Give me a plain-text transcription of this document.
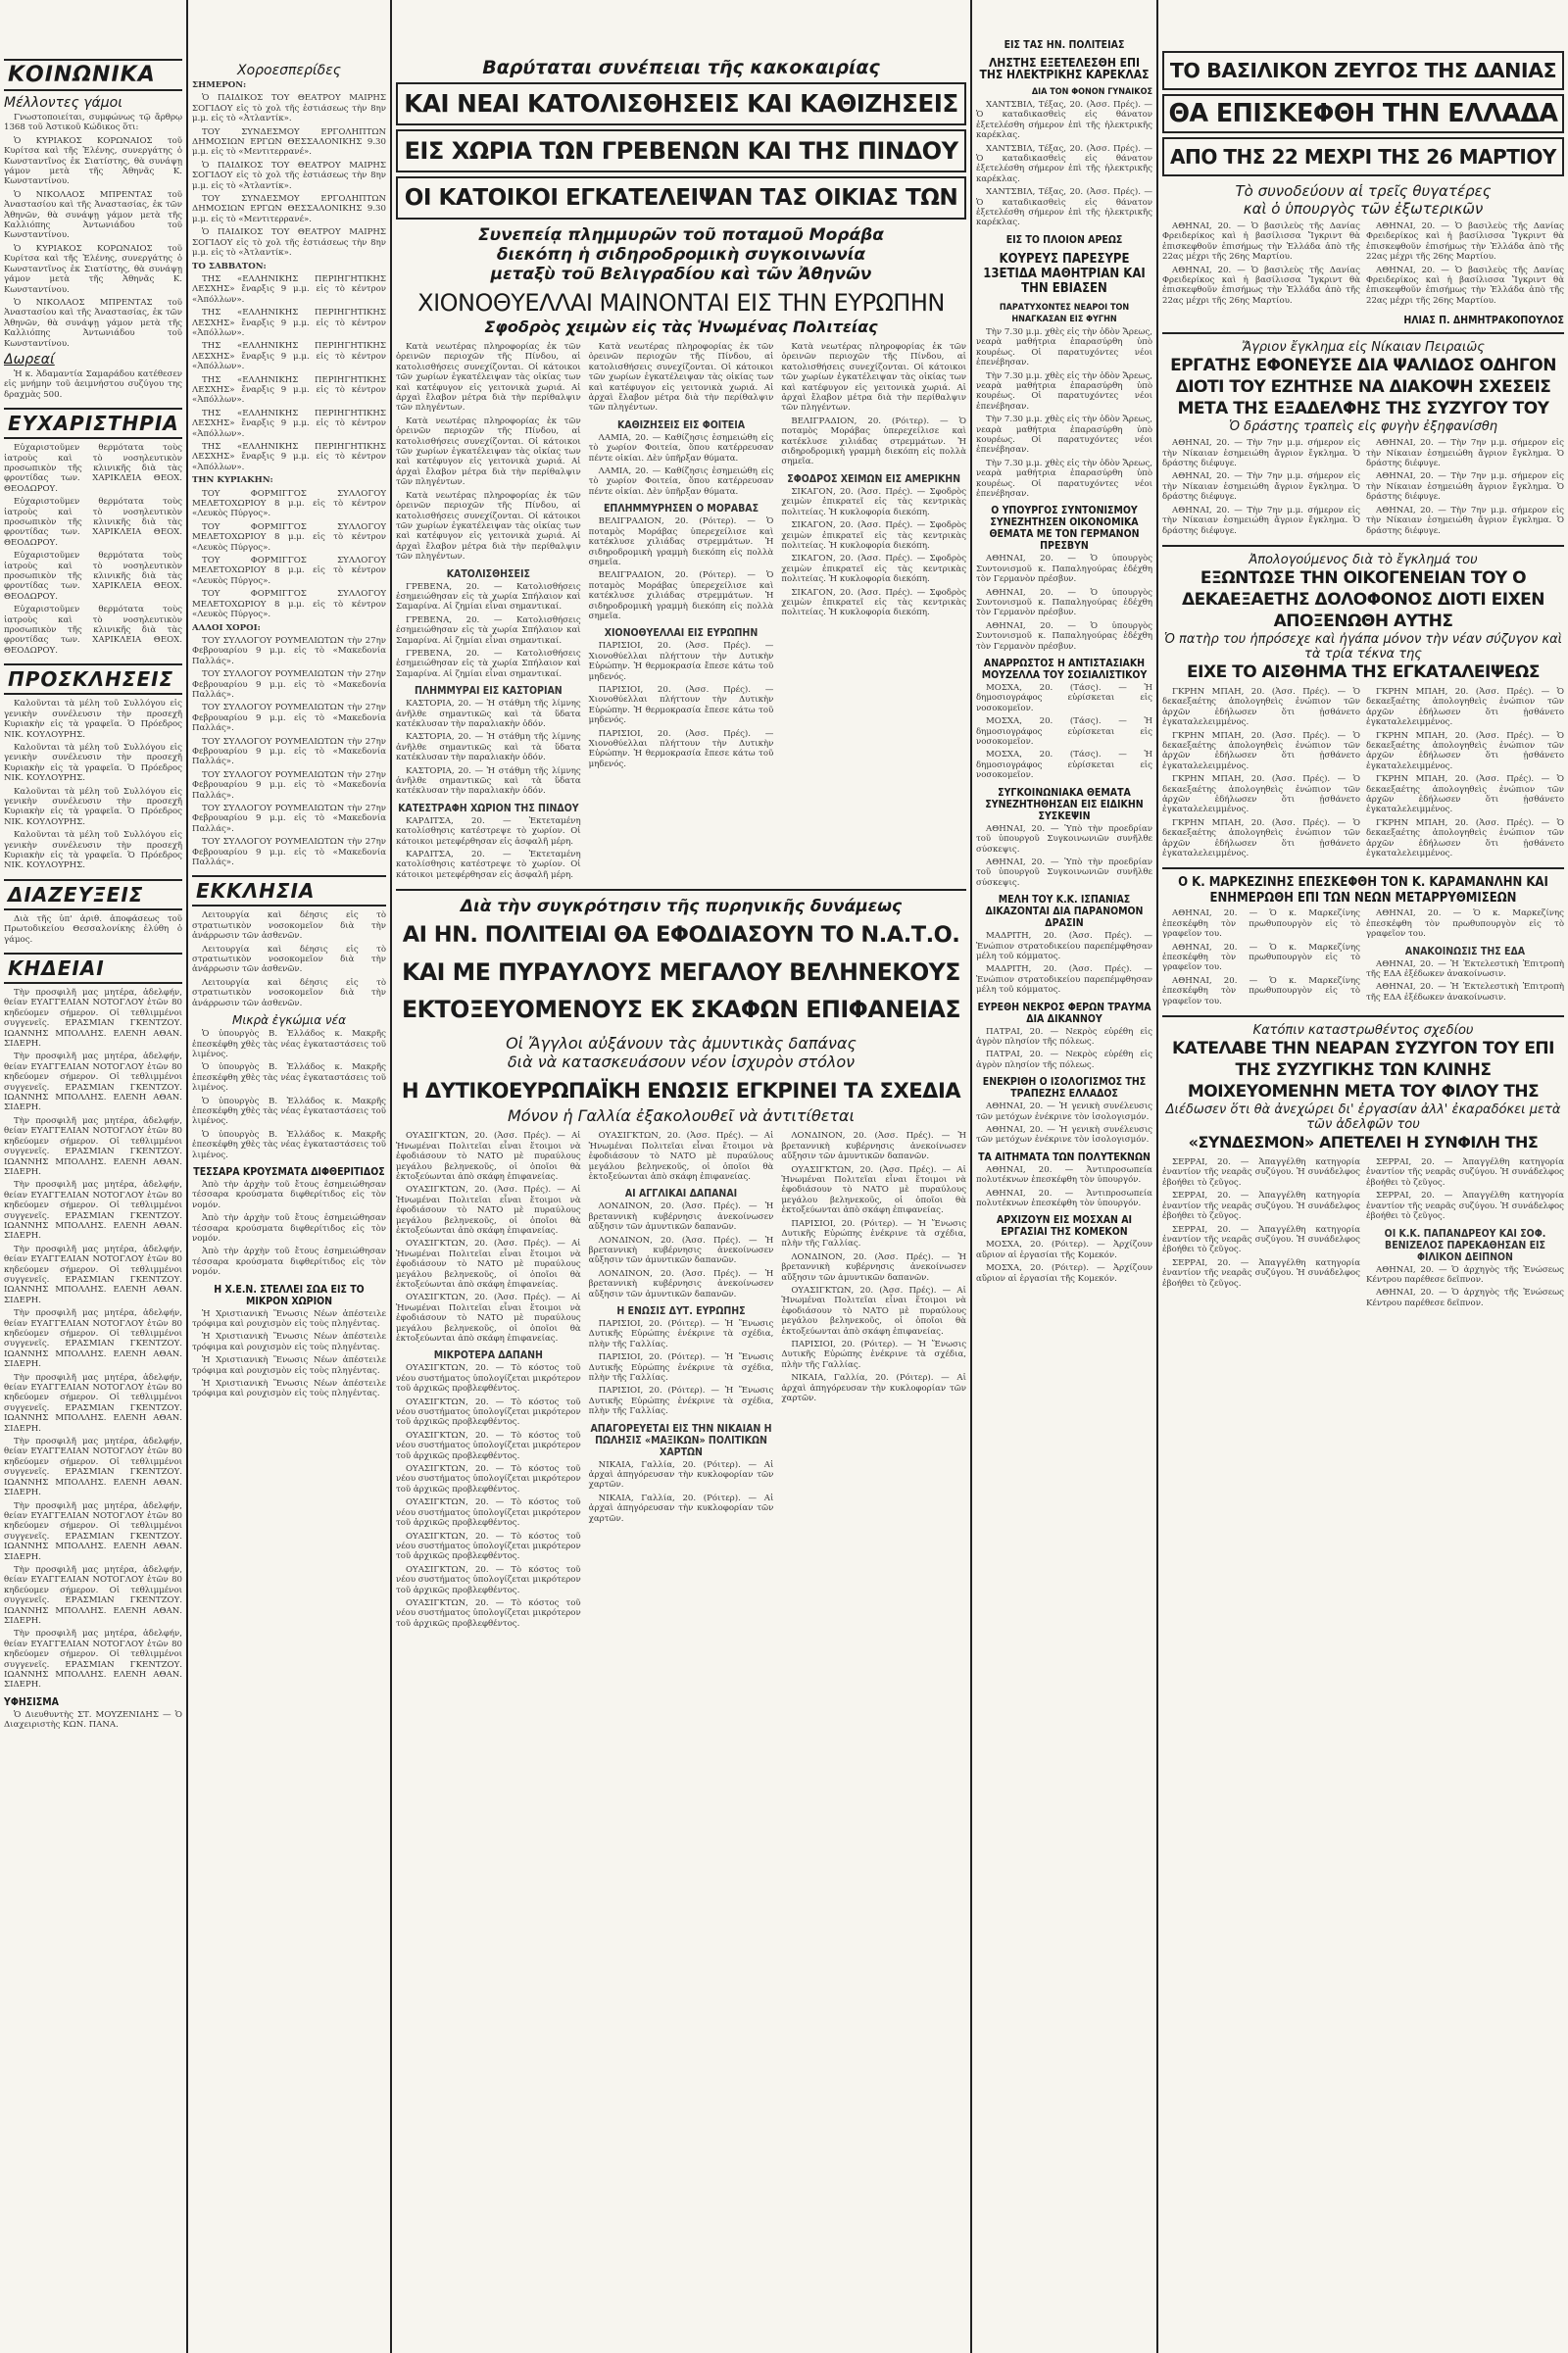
ΚΟΙΝΩΝΙΚΑ
Μέλλοντες γάμοι

Γνωστοποιείται, συμφώνως τῷ ἄρθρῳ 1368 τοῦ Ἀστικοῦ Κώδικος ὅτι:

Ὁ ΚΥΡΙΑΚΟΣ ΚΟΡΩΝΑΙΟΣ τοῦ Κυρίτσα καὶ τῆς Ἑλένης, συνεργάτης ὁ Κωνσταντῖνος ἐκ Σιατίστης, θὰ συνάψῃ γάμον μετὰ τῆς Ἀθηνᾶς Κ. Κωνσταντίνου.

Ὁ ΝΙΚΟΛΑΟΣ ΜΠΡΕΝΤΑΣ τοῦ Ἀναστασίου καὶ τῆς Ἀναστασίας, ἐκ τῶν Ἀθηνῶν, θὰ συνάψῃ γάμον μετὰ τῆς Καλλιόπης Ἀντωνιάδου τοῦ Κωνσταντίνου.

Ὁ ΚΥΡΙΑΚΟΣ ΚΟΡΩΝΑΙΟΣ τοῦ Κυρίτσα καὶ τῆς Ἑλένης, συνεργάτης ὁ Κωνσταντῖνος ἐκ Σιατίστης, θὰ συνάψῃ γάμον μετὰ τῆς Ἀθηνᾶς Κ. Κωνσταντίνου.

Ὁ ΝΙΚΟΛΑΟΣ ΜΠΡΕΝΤΑΣ τοῦ Ἀναστασίου καὶ τῆς Ἀναστασίας, ἐκ τῶν Ἀθηνῶν, θὰ συνάψῃ γάμον μετὰ τῆς Καλλιόπης Ἀντωνιάδου τοῦ Κωνσταντίνου.

Δωρεαί

Ἡ κ. Ἀδαμαντία Σαμαράδου κατέθεσεν εἰς μνήμην τοῦ ἀειμνήστου συζύγου της δραχμὰς 500.

ΕΥΧΑΡΙΣΤΗΡΙΑ

Εὐχαριστοῦμεν θερμότατα τοὺς ἰατροὺς καὶ τὸ νοσηλευτικὸν προσωπικὸν τῆς κλινικῆς διὰ τὰς φροντίδας των. ΧΑΡΙΚΛΕΙΑ ΘΕΟΧ. ΘΕΟΔΩΡΟΥ.

Εὐχαριστοῦμεν θερμότατα τοὺς ἰατροὺς καὶ τὸ νοσηλευτικὸν προσωπικὸν τῆς κλινικῆς διὰ τὰς φροντίδας των. ΧΑΡΙΚΛΕΙΑ ΘΕΟΧ. ΘΕΟΔΩΡΟΥ.

Εὐχαριστοῦμεν θερμότατα τοὺς ἰατροὺς καὶ τὸ νοσηλευτικὸν προσωπικὸν τῆς κλινικῆς διὰ τὰς φροντίδας των. ΧΑΡΙΚΛΕΙΑ ΘΕΟΧ. ΘΕΟΔΩΡΟΥ.

Εὐχαριστοῦμεν θερμότατα τοὺς ἰατροὺς καὶ τὸ νοσηλευτικὸν προσωπικὸν τῆς κλινικῆς διὰ τὰς φροντίδας των. ΧΑΡΙΚΛΕΙΑ ΘΕΟΧ. ΘΕΟΔΩΡΟΥ.

ΠΡΟΣΚΛΗΣΕΙΣ

Καλοῦνται τὰ μέλη τοῦ Συλλόγου εἰς γενικὴν συνέλευσιν τὴν προσεχῆ Κυριακὴν εἰς τὰ γραφεῖα. Ὁ Πρόεδρος ΝΙΚ. ΚΟΥΛΟΥΡΗΣ.

Καλοῦνται τὰ μέλη τοῦ Συλλόγου εἰς γενικὴν συνέλευσιν τὴν προσεχῆ Κυριακὴν εἰς τὰ γραφεῖα. Ὁ Πρόεδρος ΝΙΚ. ΚΟΥΛΟΥΡΗΣ.

Καλοῦνται τὰ μέλη τοῦ Συλλόγου εἰς γενικὴν συνέλευσιν τὴν προσεχῆ Κυριακὴν εἰς τὰ γραφεῖα. Ὁ Πρόεδρος ΝΙΚ. ΚΟΥΛΟΥΡΗΣ.

Καλοῦνται τὰ μέλη τοῦ Συλλόγου εἰς γενικὴν συνέλευσιν τὴν προσεχῆ Κυριακὴν εἰς τὰ γραφεῖα. Ὁ Πρόεδρος ΝΙΚ. ΚΟΥΛΟΥΡΗΣ.

ΔΙΑΖΕΥΞΕΙΣ

Διὰ τῆς ὑπ' ἀριθ. ἀποφάσεως τοῦ Πρωτοδικείου Θεσσαλονίκης ἐλύθη ὁ γάμος.

ΚΗΔΕΙΑΙ

Τὴν προσφιλῆ μας μητέρα, ἀδελφήν, θείαν ΕΥΑΓΓΕΛΙΑΝ ΝΟΤΟΓΛΟΥ ἐτῶν 80 κηδεύομεν σήμερον. Οἱ τεθλιμμένοι συγγενεῖς. ΕΡΑΣΜΙΑΝ ΓΚΕΝΤΖΟΥ. ΙΩΑΝΝΗΣ ΜΠΟΛΛΗΣ. ΕΛΕΝΗ ΑΘΑΝ. ΣΙΔΕΡΗ.

Τὴν προσφιλῆ μας μητέρα, ἀδελφήν, θείαν ΕΥΑΓΓΕΛΙΑΝ ΝΟΤΟΓΛΟΥ ἐτῶν 80 κηδεύομεν σήμερον. Οἱ τεθλιμμένοι συγγενεῖς. ΕΡΑΣΜΙΑΝ ΓΚΕΝΤΖΟΥ. ΙΩΑΝΝΗΣ ΜΠΟΛΛΗΣ. ΕΛΕΝΗ ΑΘΑΝ. ΣΙΔΕΡΗ.

Τὴν προσφιλῆ μας μητέρα, ἀδελφήν, θείαν ΕΥΑΓΓΕΛΙΑΝ ΝΟΤΟΓΛΟΥ ἐτῶν 80 κηδεύομεν σήμερον. Οἱ τεθλιμμένοι συγγενεῖς. ΕΡΑΣΜΙΑΝ ΓΚΕΝΤΖΟΥ. ΙΩΑΝΝΗΣ ΜΠΟΛΛΗΣ. ΕΛΕΝΗ ΑΘΑΝ. ΣΙΔΕΡΗ.

Τὴν προσφιλῆ μας μητέρα, ἀδελφήν, θείαν ΕΥΑΓΓΕΛΙΑΝ ΝΟΤΟΓΛΟΥ ἐτῶν 80 κηδεύομεν σήμερον. Οἱ τεθλιμμένοι συγγενεῖς. ΕΡΑΣΜΙΑΝ ΓΚΕΝΤΖΟΥ. ΙΩΑΝΝΗΣ ΜΠΟΛΛΗΣ. ΕΛΕΝΗ ΑΘΑΝ. ΣΙΔΕΡΗ.

Τὴν προσφιλῆ μας μητέρα, ἀδελφήν, θείαν ΕΥΑΓΓΕΛΙΑΝ ΝΟΤΟΓΛΟΥ ἐτῶν 80 κηδεύομεν σήμερον. Οἱ τεθλιμμένοι συγγενεῖς. ΕΡΑΣΜΙΑΝ ΓΚΕΝΤΖΟΥ. ΙΩΑΝΝΗΣ ΜΠΟΛΛΗΣ. ΕΛΕΝΗ ΑΘΑΝ. ΣΙΔΕΡΗ.

Τὴν προσφιλῆ μας μητέρα, ἀδελφήν, θείαν ΕΥΑΓΓΕΛΙΑΝ ΝΟΤΟΓΛΟΥ ἐτῶν 80 κηδεύομεν σήμερον. Οἱ τεθλιμμένοι συγγενεῖς. ΕΡΑΣΜΙΑΝ ΓΚΕΝΤΖΟΥ. ΙΩΑΝΝΗΣ ΜΠΟΛΛΗΣ. ΕΛΕΝΗ ΑΘΑΝ. ΣΙΔΕΡΗ.

Τὴν προσφιλῆ μας μητέρα, ἀδελφήν, θείαν ΕΥΑΓΓΕΛΙΑΝ ΝΟΤΟΓΛΟΥ ἐτῶν 80 κηδεύομεν σήμερον. Οἱ τεθλιμμένοι συγγενεῖς. ΕΡΑΣΜΙΑΝ ΓΚΕΝΤΖΟΥ. ΙΩΑΝΝΗΣ ΜΠΟΛΛΗΣ. ΕΛΕΝΗ ΑΘΑΝ. ΣΙΔΕΡΗ.

Τὴν προσφιλῆ μας μητέρα, ἀδελφήν, θείαν ΕΥΑΓΓΕΛΙΑΝ ΝΟΤΟΓΛΟΥ ἐτῶν 80 κηδεύομεν σήμερον. Οἱ τεθλιμμένοι συγγενεῖς. ΕΡΑΣΜΙΑΝ ΓΚΕΝΤΖΟΥ. ΙΩΑΝΝΗΣ ΜΠΟΛΛΗΣ. ΕΛΕΝΗ ΑΘΑΝ. ΣΙΔΕΡΗ.

Τὴν προσφιλῆ μας μητέρα, ἀδελφήν, θείαν ΕΥΑΓΓΕΛΙΑΝ ΝΟΤΟΓΛΟΥ ἐτῶν 80 κηδεύομεν σήμερον. Οἱ τεθλιμμένοι συγγενεῖς. ΕΡΑΣΜΙΑΝ ΓΚΕΝΤΖΟΥ. ΙΩΑΝΝΗΣ ΜΠΟΛΛΗΣ. ΕΛΕΝΗ ΑΘΑΝ. ΣΙΔΕΡΗ.

Τὴν προσφιλῆ μας μητέρα, ἀδελφήν, θείαν ΕΥΑΓΓΕΛΙΑΝ ΝΟΤΟΓΛΟΥ ἐτῶν 80 κηδεύομεν σήμερον. Οἱ τεθλιμμένοι συγγενεῖς. ΕΡΑΣΜΙΑΝ ΓΚΕΝΤΖΟΥ. ΙΩΑΝΝΗΣ ΜΠΟΛΛΗΣ. ΕΛΕΝΗ ΑΘΑΝ. ΣΙΔΕΡΗ.

Τὴν προσφιλῆ μας μητέρα, ἀδελφήν, θείαν ΕΥΑΓΓΕΛΙΑΝ ΝΟΤΟΓΛΟΥ ἐτῶν 80 κηδεύομεν σήμερον. Οἱ τεθλιμμένοι συγγενεῖς. ΕΡΑΣΜΙΑΝ ΓΚΕΝΤΖΟΥ. ΙΩΑΝΝΗΣ ΜΠΟΛΛΗΣ. ΕΛΕΝΗ ΑΘΑΝ. ΣΙΔΕΡΗ.

ΥΦΗΣΙΣΜΑ

Ὁ Διευθυντὴς ΣΤ. ΜΟΥΖΕΝΙΔΗΣ — Ὁ Διαχειριστὴς ΚΩΝ. ΠΑΝΑ.

Χοροεσπερίδες

ΣΗΜΕΡΟΝ:

Ὁ ΠΑΙΔΙΚΟΣ ΤΟΥ ΘΕΑΤΡΟΥ ΜΑΙΡΗΣ ΣΟΓΙΔΟΥ εἰς τὸ χολ τῆς ἑστιάσεως τὴν 8ην μ.μ. εἰς τὸ «Ἀτλαντίκ».

ΤΟΥ ΣΥΝΔΕΣΜΟΥ ΕΡΓΟΛΗΠΤΩΝ ΔΗΜΟΣΙΩΝ ΕΡΓΩΝ ΘΕΣΣΑΛΟΝΙΚΗΣ 9.30 μ.μ. εἰς τὸ «Μεντιτερρανέ».

Ὁ ΠΑΙΔΙΚΟΣ ΤΟΥ ΘΕΑΤΡΟΥ ΜΑΙΡΗΣ ΣΟΓΙΔΟΥ εἰς τὸ χολ τῆς ἑστιάσεως τὴν 8ην μ.μ. εἰς τὸ «Ἀτλαντίκ».

ΤΟΥ ΣΥΝΔΕΣΜΟΥ ΕΡΓΟΛΗΠΤΩΝ ΔΗΜΟΣΙΩΝ ΕΡΓΩΝ ΘΕΣΣΑΛΟΝΙΚΗΣ 9.30 μ.μ. εἰς τὸ «Μεντιτερρανέ».

Ὁ ΠΑΙΔΙΚΟΣ ΤΟΥ ΘΕΑΤΡΟΥ ΜΑΙΡΗΣ ΣΟΓΙΔΟΥ εἰς τὸ χολ τῆς ἑστιάσεως τὴν 8ην μ.μ. εἰς τὸ «Ἀτλαντίκ».

ΤΟ ΣΑΒΒΑΤΟΝ:

ΤΗΣ «ΕΛΛΗΝΙΚΗΣ ΠΕΡΙΗΓΗΤΙΚΗΣ ΛΕΣΧΗΣ» ἔναρξις 9 μ.μ. εἰς τὸ κέντρον «Ἀπόλλων».

ΤΗΣ «ΕΛΛΗΝΙΚΗΣ ΠΕΡΙΗΓΗΤΙΚΗΣ ΛΕΣΧΗΣ» ἔναρξις 9 μ.μ. εἰς τὸ κέντρον «Ἀπόλλων».

ΤΗΣ «ΕΛΛΗΝΙΚΗΣ ΠΕΡΙΗΓΗΤΙΚΗΣ ΛΕΣΧΗΣ» ἔναρξις 9 μ.μ. εἰς τὸ κέντρον «Ἀπόλλων».

ΤΗΣ «ΕΛΛΗΝΙΚΗΣ ΠΕΡΙΗΓΗΤΙΚΗΣ ΛΕΣΧΗΣ» ἔναρξις 9 μ.μ. εἰς τὸ κέντρον «Ἀπόλλων».

ΤΗΣ «ΕΛΛΗΝΙΚΗΣ ΠΕΡΙΗΓΗΤΙΚΗΣ ΛΕΣΧΗΣ» ἔναρξις 9 μ.μ. εἰς τὸ κέντρον «Ἀπόλλων».

ΤΗΣ «ΕΛΛΗΝΙΚΗΣ ΠΕΡΙΗΓΗΤΙΚΗΣ ΛΕΣΧΗΣ» ἔναρξις 9 μ.μ. εἰς τὸ κέντρον «Ἀπόλλων».

ΤΗΝ ΚΥΡΙΑΚΗΝ:

ΤΟΥ ΦΟΡΜΙΓΓΟΣ ΣΥΛΛΟΓΟΥ ΜΕΛΕΤΟΧΩΡΙΟΥ 8 μ.μ. εἰς τὸ κέντρον «Λευκὸς Πύργος».

ΤΟΥ ΦΟΡΜΙΓΓΟΣ ΣΥΛΛΟΓΟΥ ΜΕΛΕΤΟΧΩΡΙΟΥ 8 μ.μ. εἰς τὸ κέντρον «Λευκὸς Πύργος».

ΤΟΥ ΦΟΡΜΙΓΓΟΣ ΣΥΛΛΟΓΟΥ ΜΕΛΕΤΟΧΩΡΙΟΥ 8 μ.μ. εἰς τὸ κέντρον «Λευκὸς Πύργος».

ΤΟΥ ΦΟΡΜΙΓΓΟΣ ΣΥΛΛΟΓΟΥ ΜΕΛΕΤΟΧΩΡΙΟΥ 8 μ.μ. εἰς τὸ κέντρον «Λευκὸς Πύργος».

ΑΛΛΟΙ ΧΟΡΟΙ:

ΤΟΥ ΣΥΛΛΟΓΟΥ ΡΟΥΜΕΛΙΩΤΩΝ τὴν 27ην Φεβρουαρίου 9 μ.μ. εἰς τὸ «Μακεδονία Παλλάς».

ΤΟΥ ΣΥΛΛΟΓΟΥ ΡΟΥΜΕΛΙΩΤΩΝ τὴν 27ην Φεβρουαρίου 9 μ.μ. εἰς τὸ «Μακεδονία Παλλάς».

ΤΟΥ ΣΥΛΛΟΓΟΥ ΡΟΥΜΕΛΙΩΤΩΝ τὴν 27ην Φεβρουαρίου 9 μ.μ. εἰς τὸ «Μακεδονία Παλλάς».

ΤΟΥ ΣΥΛΛΟΓΟΥ ΡΟΥΜΕΛΙΩΤΩΝ τὴν 27ην Φεβρουαρίου 9 μ.μ. εἰς τὸ «Μακεδονία Παλλάς».

ΤΟΥ ΣΥΛΛΟΓΟΥ ΡΟΥΜΕΛΙΩΤΩΝ τὴν 27ην Φεβρουαρίου 9 μ.μ. εἰς τὸ «Μακεδονία Παλλάς».

ΤΟΥ ΣΥΛΛΟΓΟΥ ΡΟΥΜΕΛΙΩΤΩΝ τὴν 27ην Φεβρουαρίου 9 μ.μ. εἰς τὸ «Μακεδονία Παλλάς».

ΤΟΥ ΣΥΛΛΟΓΟΥ ΡΟΥΜΕΛΙΩΤΩΝ τὴν 27ην Φεβρουαρίου 9 μ.μ. εἰς τὸ «Μακεδονία Παλλάς».

ΕΚΚΛΗΣΙΑ

Λειτουργία καὶ δέησις εἰς τὸ στρατιωτικὸν νοσοκομεῖον διὰ τὴν ἀνάρρωσιν τῶν ἀσθενῶν.

Λειτουργία καὶ δέησις εἰς τὸ στρατιωτικὸν νοσοκομεῖον διὰ τὴν ἀνάρρωσιν τῶν ἀσθενῶν.

Λειτουργία καὶ δέησις εἰς τὸ στρατιωτικὸν νοσοκομεῖον διὰ τὴν ἀνάρρωσιν τῶν ἀσθενῶν.

Μικρὰ ἐγκώμια νέα

Ὁ ὑπουργὸς Β. Ἑλλάδος κ. Μακρῆς ἐπεσκέφθη χθὲς τὰς νέας ἐγκαταστάσεις τοῦ λιμένος.

Ὁ ὑπουργὸς Β. Ἑλλάδος κ. Μακρῆς ἐπεσκέφθη χθὲς τὰς νέας ἐγκαταστάσεις τοῦ λιμένος.

Ὁ ὑπουργὸς Β. Ἑλλάδος κ. Μακρῆς ἐπεσκέφθη χθὲς τὰς νέας ἐγκαταστάσεις τοῦ λιμένος.

Ὁ ὑπουργὸς Β. Ἑλλάδος κ. Μακρῆς ἐπεσκέφθη χθὲς τὰς νέας ἐγκαταστάσεις τοῦ λιμένος.

ΤΕΣΣΑΡΑ ΚΡΟΥΣΜΑΤΑ ΔΙΦΘΕΡΙΤΙΔΟΣ

Ἀπὸ τὴν ἀρχὴν τοῦ ἔτους ἐσημειώθησαν τέσσαρα κρούσματα διφθερίτιδος εἰς τὸν νομόν.

Ἀπὸ τὴν ἀρχὴν τοῦ ἔτους ἐσημειώθησαν τέσσαρα κρούσματα διφθερίτιδος εἰς τὸν νομόν.

Ἀπὸ τὴν ἀρχὴν τοῦ ἔτους ἐσημειώθησαν τέσσαρα κρούσματα διφθερίτιδος εἰς τὸν νομόν.

Η Χ.Ε.Ν. ΣΤΕΛΛΕΙ ΣΩΑ ΕΙΣ ΤΟ ΜΙΚΡΟΝ ΧΩΡΙΟΝ

Ἡ Χριστιανικὴ Ἕνωσις Νέων ἀπέστειλε τρόφιμα καὶ ρουχισμὸν εἰς τοὺς πληγέντας.

Ἡ Χριστιανικὴ Ἕνωσις Νέων ἀπέστειλε τρόφιμα καὶ ρουχισμὸν εἰς τοὺς πληγέντας.

Ἡ Χριστιανικὴ Ἕνωσις Νέων ἀπέστειλε τρόφιμα καὶ ρουχισμὸν εἰς τοὺς πληγέντας.

Ἡ Χριστιανικὴ Ἕνωσις Νέων ἀπέστειλε τρόφιμα καὶ ρουχισμὸν εἰς τοὺς πληγέντας.

Βαρύταται συνέπειαι τῆς κακοκαιρίας
ΚΑΙ ΝΕΑΙ ΚΑΤΟΛΙΣΘΗΣΕΙΣ ΚΑΙ ΚΑΘΙΖΗΣΕΙΣ
ΕΙΣ ΧΩΡΙΑ ΤΩΝ ΓΡΕΒΕΝΩΝ ΚΑΙ ΤΗΣ ΠΙΝΔΟΥ
ΟΙ ΚΑΤΟΙΚΟΙ ΕΓΚΑΤΕΛΕΙΨΑΝ ΤΑΣ ΟΙΚΙΑΣ ΤΩΝ
Συνεπείᾳ πλημμυρῶν τοῦ ποταμοῦ Μοράβα
διεκόπη ἡ σιδηροδρομικὴ συγκοινωνία
μεταξὺ τοῦ Βελιγραδίου καὶ τῶν Ἀθηνῶν
ΧΙΟΝΟΘΥΕΛΛΑΙ ΜΑΙΝΟΝΤΑΙ ΕΙΣ ΤΗΝ ΕΥΡΩΠΗΝ
Σφοδρὸς χειμὼν εἰς τὰς Ἡνωμένας Πολιτείας

Κατὰ νεωτέρας πληροφορίας ἐκ τῶν ὀρεινῶν περιοχῶν τῆς Πίνδου, αἱ κατολισθήσεις συνεχίζονται. Οἱ κάτοικοι τῶν χωρίων ἐγκατέλειψαν τὰς οἰκίας των καὶ κατέφυγον εἰς γειτονικὰ χωριά. Αἱ ἀρχαὶ ἔλαβον μέτρα διὰ τὴν περίθαλψιν τῶν πληγέντων.

Κατὰ νεωτέρας πληροφορίας ἐκ τῶν ὀρεινῶν περιοχῶν τῆς Πίνδου, αἱ κατολισθήσεις συνεχίζονται. Οἱ κάτοικοι τῶν χωρίων ἐγκατέλειψαν τὰς οἰκίας των καὶ κατέφυγον εἰς γειτονικὰ χωριά. Αἱ ἀρχαὶ ἔλαβον μέτρα διὰ τὴν περίθαλψιν τῶν πληγέντων.

Κατὰ νεωτέρας πληροφορίας ἐκ τῶν ὀρεινῶν περιοχῶν τῆς Πίνδου, αἱ κατολισθήσεις συνεχίζονται. Οἱ κάτοικοι τῶν χωρίων ἐγκατέλειψαν τὰς οἰκίας των καὶ κατέφυγον εἰς γειτονικὰ χωριά. Αἱ ἀρχαὶ ἔλαβον μέτρα διὰ τὴν περίθαλψιν τῶν πληγέντων.

ΚΑΤΟΛΙΣΘΗΣΕΙΣ

ΓΡΕΒΕΝΑ, 20. — Κατολισθήσεις ἐσημειώθησαν εἰς τὰ χωρία Σπήλαιον καὶ Σαμαρίνα. Αἱ ζημίαι εἶναι σημαντικαί.

ΓΡΕΒΕΝΑ, 20. — Κατολισθήσεις ἐσημειώθησαν εἰς τὰ χωρία Σπήλαιον καὶ Σαμαρίνα. Αἱ ζημίαι εἶναι σημαντικαί.

ΓΡΕΒΕΝΑ, 20. — Κατολισθήσεις ἐσημειώθησαν εἰς τὰ χωρία Σπήλαιον καὶ Σαμαρίνα. Αἱ ζημίαι εἶναι σημαντικαί.

ΠΛΗΜΜΥΡΑΙ ΕΙΣ ΚΑΣΤΟΡΙΑΝ

ΚΑΣΤΟΡΙΑ, 20. — Ἡ στάθμη τῆς λίμνης ἀνῆλθε σημαντικῶς καὶ τὰ ὕδατα κατέκλυσαν τὴν παραλιακὴν ὁδόν.

ΚΑΣΤΟΡΙΑ, 20. — Ἡ στάθμη τῆς λίμνης ἀνῆλθε σημαντικῶς καὶ τὰ ὕδατα κατέκλυσαν τὴν παραλιακὴν ὁδόν.

ΚΑΣΤΟΡΙΑ, 20. — Ἡ στάθμη τῆς λίμνης ἀνῆλθε σημαντικῶς καὶ τὰ ὕδατα κατέκλυσαν τὴν παραλιακὴν ὁδόν.

ΚΑΤΕΣΤΡΑΦΗ ΧΩΡΙΟΝ ΤΗΣ ΠΙΝΔΟΥ

ΚΑΡΔΙΤΣΑ, 20. — Ἐκτεταμένη κατολίσθησις κατέστρεψε τὸ χωρίον. Οἱ κάτοικοι μετεφέρθησαν εἰς ἀσφαλῆ μέρη.

ΚΑΡΔΙΤΣΑ, 20. — Ἐκτεταμένη κατολίσθησις κατέστρεψε τὸ χωρίον. Οἱ κάτοικοι μετεφέρθησαν εἰς ἀσφαλῆ μέρη.

Κατὰ νεωτέρας πληροφορίας ἐκ τῶν ὀρεινῶν περιοχῶν τῆς Πίνδου, αἱ κατολισθήσεις συνεχίζονται. Οἱ κάτοικοι τῶν χωρίων ἐγκατέλειψαν τὰς οἰκίας των καὶ κατέφυγον εἰς γειτονικὰ χωριά. Αἱ ἀρχαὶ ἔλαβον μέτρα διὰ τὴν περίθαλψιν τῶν πληγέντων.

ΚΑΘΙΖΗΣΕΙΣ ΕΙΣ ΦΟΙΤΕΙΑ

ΛΑΜΙΑ, 20. — Καθίζησις ἐσημειώθη εἰς τὸ χωρίον Φοιτεία, ὅπου κατέρρευσαν πέντε οἰκίαι. Δὲν ὑπῆρξαν θύματα.

ΛΑΜΙΑ, 20. — Καθίζησις ἐσημειώθη εἰς τὸ χωρίον Φοιτεία, ὅπου κατέρρευσαν πέντε οἰκίαι. Δὲν ὑπῆρξαν θύματα.

ΕΠΛΗΜΜΥΡΗΣΕΝ Ο ΜΟΡΑΒΑΣ

ΒΕΛΙΓΡΑΔΙΟΝ, 20. (Ρόιτερ). — Ὁ ποταμὸς Μοράβας ὑπερεχείλισε καὶ κατέκλυσε χιλιάδας στρεμμάτων. Ἡ σιδηροδρομικὴ γραμμὴ διεκόπη εἰς πολλὰ σημεῖα.

ΒΕΛΙΓΡΑΔΙΟΝ, 20. (Ρόιτερ). — Ὁ ποταμὸς Μοράβας ὑπερεχείλισε καὶ κατέκλυσε χιλιάδας στρεμμάτων. Ἡ σιδηροδρομικὴ γραμμὴ διεκόπη εἰς πολλὰ σημεῖα.

ΧΙΟΝΟΘΥΕΛΛΑΙ ΕΙΣ ΕΥΡΩΠΗΝ

ΠΑΡΙΣΙΟΙ, 20. (Ἀσσ. Πρές). — Χιονοθύελλαι πλήττουν τὴν Δυτικὴν Εὐρώπην. Ἡ θερμοκρασία ἔπεσε κάτω τοῦ μηδενός.

ΠΑΡΙΣΙΟΙ, 20. (Ἀσσ. Πρές). — Χιονοθύελλαι πλήττουν τὴν Δυτικὴν Εὐρώπην. Ἡ θερμοκρασία ἔπεσε κάτω τοῦ μηδενός.

ΠΑΡΙΣΙΟΙ, 20. (Ἀσσ. Πρές). — Χιονοθύελλαι πλήττουν τὴν Δυτικὴν Εὐρώπην. Ἡ θερμοκρασία ἔπεσε κάτω τοῦ μηδενός.

Κατὰ νεωτέρας πληροφορίας ἐκ τῶν ὀρεινῶν περιοχῶν τῆς Πίνδου, αἱ κατολισθήσεις συνεχίζονται. Οἱ κάτοικοι τῶν χωρίων ἐγκατέλειψαν τὰς οἰκίας των καὶ κατέφυγον εἰς γειτονικὰ χωριά. Αἱ ἀρχαὶ ἔλαβον μέτρα διὰ τὴν περίθαλψιν τῶν πληγέντων.

ΒΕΛΙΓΡΑΔΙΟΝ, 20. (Ρόιτερ). — Ὁ ποταμὸς Μοράβας ὑπερεχείλισε καὶ κατέκλυσε χιλιάδας στρεμμάτων. Ἡ σιδηροδρομικὴ γραμμὴ διεκόπη εἰς πολλὰ σημεῖα.

ΣΦΟΔΡΟΣ ΧΕΙΜΩΝ ΕΙΣ ΑΜΕΡΙΚΗΝ

ΣΙΚΑΓΟΝ, 20. (Ἀσσ. Πρές). — Σφοδρὸς χειμὼν ἐπικρατεῖ εἰς τὰς κεντρικὰς πολιτείας. Ἡ κυκλοφορία διεκόπη.

ΣΙΚΑΓΟΝ, 20. (Ἀσσ. Πρές). — Σφοδρὸς χειμὼν ἐπικρατεῖ εἰς τὰς κεντρικὰς πολιτείας. Ἡ κυκλοφορία διεκόπη.

ΣΙΚΑΓΟΝ, 20. (Ἀσσ. Πρές). — Σφοδρὸς χειμὼν ἐπικρατεῖ εἰς τὰς κεντρικὰς πολιτείας. Ἡ κυκλοφορία διεκόπη.

ΣΙΚΑΓΟΝ, 20. (Ἀσσ. Πρές). — Σφοδρὸς χειμὼν ἐπικρατεῖ εἰς τὰς κεντρικὰς πολιτείας. Ἡ κυκλοφορία διεκόπη.

Διὰ τὴν συγκρότησιν τῆς πυρηνικῆς δυνάμεως
ΑΙ ΗΝ. ΠΟΛΙΤΕΙΑΙ ΘΑ ΕΦΟΔΙΑΣΟΥΝ ΤΟ Ν.Α.Τ.Ο.
ΚΑΙ ΜΕ ΠΥΡΑΥΛΟΥΣ ΜΕΓΑΛΟΥ ΒΕΛΗΝΕΚΟΥΣ
ΕΚΤΟΞΕΥΟΜΕΝΟΥΣ ΕΚ ΣΚΑΦΩΝ ΕΠΙΦΑΝΕΙΑΣ
Οἱ Ἄγγλοι αὐξάνουν τὰς ἀμυντικὰς δαπάνας
διὰ νὰ κατασκευάσουν νέον ἰσχυρὸν στόλον
Η ΔΥΤΙΚΟΕΥΡΩΠΑΪΚΗ ΕΝΩΣΙΣ ΕΓΚΡΙΝΕΙ ΤΑ ΣΧΕΔΙΑ
Μόνον ἡ Γαλλία ἐξακολουθεῖ νὰ ἀντιτίθεται

ΟΥΑΣΙΓΚΤΩΝ, 20. (Ἀσσ. Πρές). — Αἱ Ἡνωμέναι Πολιτεῖαι εἶναι ἕτοιμοι νὰ ἐφοδιάσουν τὸ ΝΑΤΟ μὲ πυραύλους μεγάλου βεληνεκοῦς, οἱ ὁποῖοι θὰ ἐκτοξεύωνται ἀπὸ σκάφη ἐπιφανείας.

ΟΥΑΣΙΓΚΤΩΝ, 20. (Ἀσσ. Πρές). — Αἱ Ἡνωμέναι Πολιτεῖαι εἶναι ἕτοιμοι νὰ ἐφοδιάσουν τὸ ΝΑΤΟ μὲ πυραύλους μεγάλου βεληνεκοῦς, οἱ ὁποῖοι θὰ ἐκτοξεύωνται ἀπὸ σκάφη ἐπιφανείας.

ΟΥΑΣΙΓΚΤΩΝ, 20. (Ἀσσ. Πρές). — Αἱ Ἡνωμέναι Πολιτεῖαι εἶναι ἕτοιμοι νὰ ἐφοδιάσουν τὸ ΝΑΤΟ μὲ πυραύλους μεγάλου βεληνεκοῦς, οἱ ὁποῖοι θὰ ἐκτοξεύωνται ἀπὸ σκάφη ἐπιφανείας.

ΟΥΑΣΙΓΚΤΩΝ, 20. (Ἀσσ. Πρές). — Αἱ Ἡνωμέναι Πολιτεῖαι εἶναι ἕτοιμοι νὰ ἐφοδιάσουν τὸ ΝΑΤΟ μὲ πυραύλους μεγάλου βεληνεκοῦς, οἱ ὁποῖοι θὰ ἐκτοξεύωνται ἀπὸ σκάφη ἐπιφανείας.

ΜΙΚΡΟΤΕΡΑ ΔΑΠΑΝΗ

ΟΥΑΣΙΓΚΤΩΝ, 20. — Τὸ κόστος τοῦ νέου συστήματος ὑπολογίζεται μικρότερον τοῦ ἀρχικῶς προβλεφθέντος.

ΟΥΑΣΙΓΚΤΩΝ, 20. — Τὸ κόστος τοῦ νέου συστήματος ὑπολογίζεται μικρότερον τοῦ ἀρχικῶς προβλεφθέντος.

ΟΥΑΣΙΓΚΤΩΝ, 20. — Τὸ κόστος τοῦ νέου συστήματος ὑπολογίζεται μικρότερον τοῦ ἀρχικῶς προβλεφθέντος.

ΟΥΑΣΙΓΚΤΩΝ, 20. — Τὸ κόστος τοῦ νέου συστήματος ὑπολογίζεται μικρότερον τοῦ ἀρχικῶς προβλεφθέντος.

ΟΥΑΣΙΓΚΤΩΝ, 20. — Τὸ κόστος τοῦ νέου συστήματος ὑπολογίζεται μικρότερον τοῦ ἀρχικῶς προβλεφθέντος.

ΟΥΑΣΙΓΚΤΩΝ, 20. — Τὸ κόστος τοῦ νέου συστήματος ὑπολογίζεται μικρότερον τοῦ ἀρχικῶς προβλεφθέντος.

ΟΥΑΣΙΓΚΤΩΝ, 20. — Τὸ κόστος τοῦ νέου συστήματος ὑπολογίζεται μικρότερον τοῦ ἀρχικῶς προβλεφθέντος.

ΟΥΑΣΙΓΚΤΩΝ, 20. — Τὸ κόστος τοῦ νέου συστήματος ὑπολογίζεται μικρότερον τοῦ ἀρχικῶς προβλεφθέντος.

ΟΥΑΣΙΓΚΤΩΝ, 20. (Ἀσσ. Πρές). — Αἱ Ἡνωμέναι Πολιτεῖαι εἶναι ἕτοιμοι νὰ ἐφοδιάσουν τὸ ΝΑΤΟ μὲ πυραύλους μεγάλου βεληνεκοῦς, οἱ ὁποῖοι θὰ ἐκτοξεύωνται ἀπὸ σκάφη ἐπιφανείας.

ΑΙ ΑΓΓΛΙΚΑΙ ΔΑΠΑΝΑΙ

ΛΟΝΔΙΝΟΝ, 20. (Ἀσσ. Πρές). — Ἡ βρεταννικὴ κυβέρνησις ἀνεκοίνωσεν αὔξησιν τῶν ἀμυντικῶν δαπανῶν.

ΛΟΝΔΙΝΟΝ, 20. (Ἀσσ. Πρές). — Ἡ βρεταννικὴ κυβέρνησις ἀνεκοίνωσεν αὔξησιν τῶν ἀμυντικῶν δαπανῶν.

ΛΟΝΔΙΝΟΝ, 20. (Ἀσσ. Πρές). — Ἡ βρεταννικὴ κυβέρνησις ἀνεκοίνωσεν αὔξησιν τῶν ἀμυντικῶν δαπανῶν.

Η ΕΝΩΣΙΣ ΔΥΤ. ΕΥΡΩΠΗΣ

ΠΑΡΙΣΙΟΙ, 20. (Ρόιτερ). — Ἡ Ἕνωσις Δυτικῆς Εὐρώπης ἐνέκρινε τὰ σχέδια, πλὴν τῆς Γαλλίας.

ΠΑΡΙΣΙΟΙ, 20. (Ρόιτερ). — Ἡ Ἕνωσις Δυτικῆς Εὐρώπης ἐνέκρινε τὰ σχέδια, πλὴν τῆς Γαλλίας.

ΠΑΡΙΣΙΟΙ, 20. (Ρόιτερ). — Ἡ Ἕνωσις Δυτικῆς Εὐρώπης ἐνέκρινε τὰ σχέδια, πλὴν τῆς Γαλλίας.

ΑΠΑΓΟΡΕΥΕΤΑΙ ΕΙΣ ΤΗΝ ΝΙΚΑΙΑΝ Η ΠΩΛΗΣΙΣ «ΜΑΞΙΚΩΝ» ΠΟΛΙΤΙΚΩΝ ΧΑΡΤΩΝ

ΝΙΚΑΙΑ, Γαλλία, 20. (Ρόιτερ). — Αἱ ἀρχαὶ ἀπηγόρευσαν τὴν κυκλοφορίαν τῶν χαρτῶν.

ΝΙΚΑΙΑ, Γαλλία, 20. (Ρόιτερ). — Αἱ ἀρχαὶ ἀπηγόρευσαν τὴν κυκλοφορίαν τῶν χαρτῶν.

ΛΟΝΔΙΝΟΝ, 20. (Ἀσσ. Πρές). — Ἡ βρεταννικὴ κυβέρνησις ἀνεκοίνωσεν αὔξησιν τῶν ἀμυντικῶν δαπανῶν.

ΟΥΑΣΙΓΚΤΩΝ, 20. (Ἀσσ. Πρές). — Αἱ Ἡνωμέναι Πολιτεῖαι εἶναι ἕτοιμοι νὰ ἐφοδιάσουν τὸ ΝΑΤΟ μὲ πυραύλους μεγάλου βεληνεκοῦς, οἱ ὁποῖοι θὰ ἐκτοξεύωνται ἀπὸ σκάφη ἐπιφανείας.

ΠΑΡΙΣΙΟΙ, 20. (Ρόιτερ). — Ἡ Ἕνωσις Δυτικῆς Εὐρώπης ἐνέκρινε τὰ σχέδια, πλὴν τῆς Γαλλίας.

ΛΟΝΔΙΝΟΝ, 20. (Ἀσσ. Πρές). — Ἡ βρεταννικὴ κυβέρνησις ἀνεκοίνωσεν αὔξησιν τῶν ἀμυντικῶν δαπανῶν.

ΟΥΑΣΙΓΚΤΩΝ, 20. (Ἀσσ. Πρές). — Αἱ Ἡνωμέναι Πολιτεῖαι εἶναι ἕτοιμοι νὰ ἐφοδιάσουν τὸ ΝΑΤΟ μὲ πυραύλους μεγάλου βεληνεκοῦς, οἱ ὁποῖοι θὰ ἐκτοξεύωνται ἀπὸ σκάφη ἐπιφανείας.

ΠΑΡΙΣΙΟΙ, 20. (Ρόιτερ). — Ἡ Ἕνωσις Δυτικῆς Εὐρώπης ἐνέκρινε τὰ σχέδια, πλὴν τῆς Γαλλίας.

ΝΙΚΑΙΑ, Γαλλία, 20. (Ρόιτερ). — Αἱ ἀρχαὶ ἀπηγόρευσαν τὴν κυκλοφορίαν τῶν χαρτῶν.

ΕΙΣ ΤΑΣ ΗΝ. ΠΟΛΙΤΕΙΑΣ
ΛΗΣΤΗΣ ΕΞΕΤΕΛΕΣΘΗ ΕΠΙ ΤΗΣ ΗΛΕΚΤΡΙΚΗΣ ΚΑΡΕΚΛΑΣ
ΔΙΑ ΤΟΝ ΦΟΝΟΝ ΓΥΝΑΙΚΟΣ

ΧΑΝΤΣΒΙΛ, Τέξας, 20. (Ἀσσ. Πρές). — Ὁ καταδικασθεὶς εἰς θάνατον ἐξετελέσθη σήμερον ἐπὶ τῆς ἠλεκτρικῆς καρέκλας.

ΧΑΝΤΣΒΙΛ, Τέξας, 20. (Ἀσσ. Πρές). — Ὁ καταδικασθεὶς εἰς θάνατον ἐξετελέσθη σήμερον ἐπὶ τῆς ἠλεκτρικῆς καρέκλας.

ΧΑΝΤΣΒΙΛ, Τέξας, 20. (Ἀσσ. Πρές). — Ὁ καταδικασθεὶς εἰς θάνατον ἐξετελέσθη σήμερον ἐπὶ τῆς ἠλεκτρικῆς καρέκλας.

ΕΙΣ ΤΟ ΠΛΟΙΟΝ ΑΡΕΩΣ
ΚΟΥΡΕΥΣ ΠΑΡΕΣΥΡΕ 13ΕΤΙΔΑ ΜΑΘΗΤΡΙΑΝ ΚΑΙ ΤΗΝ ΕΒΙΑΣΕΝ
ΠΑΡΑΤΥΧΟΝΤΕΣ ΝΕΑΡΟΙ ΤΟΝ ΗΝΑΓΚΑΣΑΝ ΕΙΣ ΦΥΓΗΝ

Τὴν 7.30 μ.μ. χθὲς εἰς τὴν ὁδὸν Ἄρεως, νεαρὰ μαθήτρια ἐπαρασύρθη ὑπὸ κουρέως. Οἱ παρατυχόντες νέοι ἐπενέβησαν.

Τὴν 7.30 μ.μ. χθὲς εἰς τὴν ὁδὸν Ἄρεως, νεαρὰ μαθήτρια ἐπαρασύρθη ὑπὸ κουρέως. Οἱ παρατυχόντες νέοι ἐπενέβησαν.

Τὴν 7.30 μ.μ. χθὲς εἰς τὴν ὁδὸν Ἄρεως, νεαρὰ μαθήτρια ἐπαρασύρθη ὑπὸ κουρέως. Οἱ παρατυχόντες νέοι ἐπενέβησαν.

Τὴν 7.30 μ.μ. χθὲς εἰς τὴν ὁδὸν Ἄρεως, νεαρὰ μαθήτρια ἐπαρασύρθη ὑπὸ κουρέως. Οἱ παρατυχόντες νέοι ἐπενέβησαν.

Ο ΥΠΟΥΡΓΟΣ ΣΥΝΤΟΝΙΣΜΟΥ ΣΥΝΕΖΗΤΗΣΕΝ ΟΙΚΟΝΟΜΙΚΑ ΘΕΜΑΤΑ ΜΕ ΤΟΝ ΓΕΡΜΑΝΟΝ ΠΡΕΣΒΥΝ

ΑΘΗΝΑΙ, 20. — Ὁ ὑπουργὸς Συντονισμοῦ κ. Παπαληγούρας ἐδέχθη τὸν Γερμανὸν πρέσβυν.

ΑΘΗΝΑΙ, 20. — Ὁ ὑπουργὸς Συντονισμοῦ κ. Παπαληγούρας ἐδέχθη τὸν Γερμανὸν πρέσβυν.

ΑΘΗΝΑΙ, 20. — Ὁ ὑπουργὸς Συντονισμοῦ κ. Παπαληγούρας ἐδέχθη τὸν Γερμανὸν πρέσβυν.

ΑΝΑΡΡΩΣΤΟΣ Η ΑΝΤΙΣΤΑΣΙΑΚΗ ΜΟΥΖΕΛΛΑ ΤΟΥ ΣΟΣΙΑΛΙΣΤΙΚΟΥ

ΜΟΣΧΑ, 20. (Τάσς). — Ἡ δημοσιογράφος εὑρίσκεται εἰς νοσοκομεῖον.

ΜΟΣΧΑ, 20. (Τάσς). — Ἡ δημοσιογράφος εὑρίσκεται εἰς νοσοκομεῖον.

ΜΟΣΧΑ, 20. (Τάσς). — Ἡ δημοσιογράφος εὑρίσκεται εἰς νοσοκομεῖον.

ΣΥΓΚΟΙΝΩΝΙΑΚΑ ΘΕΜΑΤΑ ΣΥΝΕΖΗΤΗΘΗΣΑΝ ΕΙΣ ΕΙΔΙΚΗΝ ΣΥΣΚΕΨΙΝ

ΑΘΗΝΑΙ, 20. — Ὑπὸ τὴν προεδρίαν τοῦ ὑπουργοῦ Συγκοινωνιῶν συνῆλθε σύσκεψις.

ΑΘΗΝΑΙ, 20. — Ὑπὸ τὴν προεδρίαν τοῦ ὑπουργοῦ Συγκοινωνιῶν συνῆλθε σύσκεψις.

ΜΕΛΗ ΤΟΥ Κ.Κ. ΙΣΠΑΝΙΑΣ ΔΙΚΑΖΟΝΤΑΙ ΔΙΑ ΠΑΡΑΝΟΜΟΝ ΔΡΑΣΙΝ

ΜΑΔΡΙΤΗ, 20. (Ἀσσ. Πρές). — Ἐνώπιον στρατοδικείου παρεπέμφθησαν μέλη τοῦ κόμματος.

ΜΑΔΡΙΤΗ, 20. (Ἀσσ. Πρές). — Ἐνώπιον στρατοδικείου παρεπέμφθησαν μέλη τοῦ κόμματος.

ΕΥΡΕΘΗ ΝΕΚΡΟΣ ΦΕΡΩΝ ΤΡΑΥΜΑ ΔΙΑ ΔΙΚΑΝΝΟΥ

ΠΑΤΡΑΙ, 20. — Νεκρὸς εὑρέθη εἰς ἀγρὸν πλησίον τῆς πόλεως.

ΠΑΤΡΑΙ, 20. — Νεκρὸς εὑρέθη εἰς ἀγρὸν πλησίον τῆς πόλεως.

ΕΝΕΚΡΙΘΗ Ο ΙΣΟΛΟΓΙΣΜΟΣ ΤΗΣ ΤΡΑΠΕΖΗΣ ΕΛΛΑΔΟΣ

ΑΘΗΝΑΙ, 20. — Ἡ γενικὴ συνέλευσις τῶν μετόχων ἐνέκρινε τὸν ἰσολογισμόν.

ΑΘΗΝΑΙ, 20. — Ἡ γενικὴ συνέλευσις τῶν μετόχων ἐνέκρινε τὸν ἰσολογισμόν.

ΤΑ ΑΙΤΗΜΑΤΑ ΤΩΝ ΠΟΛΥΤΕΚΝΩΝ

ΑΘΗΝΑΙ, 20. — Ἀντιπροσωπεία πολυτέκνων ἐπεσκέφθη τὸν ὑπουργόν.

ΑΘΗΝΑΙ, 20. — Ἀντιπροσωπεία πολυτέκνων ἐπεσκέφθη τὸν ὑπουργόν.

ΑΡΧΙΖΟΥΝ ΕΙΣ ΜΟΣΧΑΝ ΑΙ ΕΡΓΑΣΙΑΙ ΤΗΣ ΚΟΜΕΚΟΝ

ΜΟΣΧΑ, 20. (Ρόιτερ). — Ἀρχίζουν αὔριον αἱ ἐργασίαι τῆς Κομεκόν.

ΜΟΣΧΑ, 20. (Ρόιτερ). — Ἀρχίζουν αὔριον αἱ ἐργασίαι τῆς Κομεκόν.

ΤΟ ΒΑΣΙΛΙΚΟΝ ΖΕΥΓΟΣ ΤΗΣ ΔΑΝΙΑΣ
ΘΑ ΕΠΙΣΚΕΦΘΗ ΤΗΝ ΕΛΛΑΔΑ
ΑΠΟ ΤΗΣ 22 ΜΕΧΡΙ ΤΗΣ 26 ΜΑΡΤΙΟΥ
Τὸ συνοδεύουν αἱ τρεῖς θυγατέρες
καὶ ὁ ὑπουργὸς τῶν ἐξωτερικῶν

ΑΘΗΝΑΙ, 20. — Ὁ βασιλεὺς τῆς Δανίας Φρειδερίκος καὶ ἡ βασίλισσα Ἴγκριντ θὰ ἐπισκεφθοῦν ἐπισήμως τὴν Ἑλλάδα ἀπὸ τῆς 22ας μέχρι τῆς 26ης Μαρτίου.

ΑΘΗΝΑΙ, 20. — Ὁ βασιλεὺς τῆς Δανίας Φρειδερίκος καὶ ἡ βασίλισσα Ἴγκριντ θὰ ἐπισκεφθοῦν ἐπισήμως τὴν Ἑλλάδα ἀπὸ τῆς 22ας μέχρι τῆς 26ης Μαρτίου.

ΑΘΗΝΑΙ, 20. — Ὁ βασιλεὺς τῆς Δανίας Φρειδερίκος καὶ ἡ βασίλισσα Ἴγκριντ θὰ ἐπισκεφθοῦν ἐπισήμως τὴν Ἑλλάδα ἀπὸ τῆς 22ας μέχρι τῆς 26ης Μαρτίου.

ΑΘΗΝΑΙ, 20. — Ὁ βασιλεὺς τῆς Δανίας Φρειδερίκος καὶ ἡ βασίλισσα Ἴγκριντ θὰ ἐπισκεφθοῦν ἐπισήμως τὴν Ἑλλάδα ἀπὸ τῆς 22ας μέχρι τῆς 26ης Μαρτίου.

ΗΛΙΑΣ Π. ΔΗΜΗΤΡΑΚΟΠΟΥΛΟΣ
Ἄγριον ἔγκλημα εἰς Νίκαιαν Πειραιῶς
ΕΡΓΑΤΗΣ ΕΦΟΝΕΥΣΕ ΔΙΑ ΨΑΛΙΔΟΣ ΟΔΗΓΟΝ ΔΙΟΤΙ ΤΟΥ ΕΖΗΤΗΣΕ ΝΑ ΔΙΑΚΟΨΗ ΣΧΕΣΕΙΣ ΜΕΤΑ ΤΗΣ ΕΞΑΔΕΛΦΗΣ ΤΗΣ ΣΥΖΥΓΟΥ ΤΟΥ
Ὁ δράστης τραπεὶς εἰς φυγὴν ἐξηφανίσθη

ΑΘΗΝΑΙ, 20. — Τὴν 7ην μ.μ. σήμερον εἰς τὴν Νίκαιαν ἐσημειώθη ἄγριον ἔγκλημα. Ὁ δράστης διέφυγε.

ΑΘΗΝΑΙ, 20. — Τὴν 7ην μ.μ. σήμερον εἰς τὴν Νίκαιαν ἐσημειώθη ἄγριον ἔγκλημα. Ὁ δράστης διέφυγε.

ΑΘΗΝΑΙ, 20. — Τὴν 7ην μ.μ. σήμερον εἰς τὴν Νίκαιαν ἐσημειώθη ἄγριον ἔγκλημα. Ὁ δράστης διέφυγε.

ΑΘΗΝΑΙ, 20. — Τὴν 7ην μ.μ. σήμερον εἰς τὴν Νίκαιαν ἐσημειώθη ἄγριον ἔγκλημα. Ὁ δράστης διέφυγε.

ΑΘΗΝΑΙ, 20. — Τὴν 7ην μ.μ. σήμερον εἰς τὴν Νίκαιαν ἐσημειώθη ἄγριον ἔγκλημα. Ὁ δράστης διέφυγε.

ΑΘΗΝΑΙ, 20. — Τὴν 7ην μ.μ. σήμερον εἰς τὴν Νίκαιαν ἐσημειώθη ἄγριον ἔγκλημα. Ὁ δράστης διέφυγε.

Ἀπολογούμενος διὰ τὸ ἔγκλημά του
ΕΞΩΝΤΩΣΕ ΤΗΝ ΟΙΚΟΓΕΝΕΙΑΝ ΤΟΥ Ο ΔΕΚΑΕΞΑΕΤΗΣ ΔΟΛΟΦΟΝΟΣ ΔΙΟΤΙ ΕΙΧΕΝ ΑΠΟΞΕΝΩΘΗ ΑΥΤΗΣ
Ὁ πατὴρ του ἠπρόσεχε καὶ ἠγάπα μόνον τὴν νέαν σύζυγον καὶ τὰ τρία τέκνα της
ΕΙΧΕ ΤΟ ΑΙΣΘΗΜΑ ΤΗΣ ΕΓΚΑΤΑΛΕΙΨΕΩΣ

ΓΚΡΗΝ ΜΠΑΗ, 20. (Ἀσσ. Πρές). — Ὁ δεκαεξαέτης ἀπολογηθεὶς ἐνώπιον τῶν ἀρχῶν ἐδήλωσεν ὅτι ᾐσθάνετο ἐγκαταλελειμμένος.

ΓΚΡΗΝ ΜΠΑΗ, 20. (Ἀσσ. Πρές). — Ὁ δεκαεξαέτης ἀπολογηθεὶς ἐνώπιον τῶν ἀρχῶν ἐδήλωσεν ὅτι ᾐσθάνετο ἐγκαταλελειμμένος.

ΓΚΡΗΝ ΜΠΑΗ, 20. (Ἀσσ. Πρές). — Ὁ δεκαεξαέτης ἀπολογηθεὶς ἐνώπιον τῶν ἀρχῶν ἐδήλωσεν ὅτι ᾐσθάνετο ἐγκαταλελειμμένος.

ΓΚΡΗΝ ΜΠΑΗ, 20. (Ἀσσ. Πρές). — Ὁ δεκαεξαέτης ἀπολογηθεὶς ἐνώπιον τῶν ἀρχῶν ἐδήλωσεν ὅτι ᾐσθάνετο ἐγκαταλελειμμένος.

ΓΚΡΗΝ ΜΠΑΗ, 20. (Ἀσσ. Πρές). — Ὁ δεκαεξαέτης ἀπολογηθεὶς ἐνώπιον τῶν ἀρχῶν ἐδήλωσεν ὅτι ᾐσθάνετο ἐγκαταλελειμμένος.

ΓΚΡΗΝ ΜΠΑΗ, 20. (Ἀσσ. Πρές). — Ὁ δεκαεξαέτης ἀπολογηθεὶς ἐνώπιον τῶν ἀρχῶν ἐδήλωσεν ὅτι ᾐσθάνετο ἐγκαταλελειμμένος.

ΓΚΡΗΝ ΜΠΑΗ, 20. (Ἀσσ. Πρές). — Ὁ δεκαεξαέτης ἀπολογηθεὶς ἐνώπιον τῶν ἀρχῶν ἐδήλωσεν ὅτι ᾐσθάνετο ἐγκαταλελειμμένος.

ΓΚΡΗΝ ΜΠΑΗ, 20. (Ἀσσ. Πρές). — Ὁ δεκαεξαέτης ἀπολογηθεὶς ἐνώπιον τῶν ἀρχῶν ἐδήλωσεν ὅτι ᾐσθάνετο ἐγκαταλελειμμένος.

Ο Κ. ΜΑΡΚΕΖΙΝΗΣ ΕΠΕΣΚΕΦΘΗ ΤΟΝ Κ. ΚΑΡΑΜΑΝΛΗΝ ΚΑΙ ΕΝΗΜΕΡΩΘΗ ΕΠΙ ΤΩΝ ΝΕΩΝ ΜΕΤΑΡΡΥΘΜΙΣΕΩΝ

ΑΘΗΝΑΙ, 20. — Ὁ κ. Μαρκεζίνης ἐπεσκέφθη τὸν πρωθυπουργὸν εἰς τὸ γραφεῖον του.

ΑΘΗΝΑΙ, 20. — Ὁ κ. Μαρκεζίνης ἐπεσκέφθη τὸν πρωθυπουργὸν εἰς τὸ γραφεῖον του.

ΑΘΗΝΑΙ, 20. — Ὁ κ. Μαρκεζίνης ἐπεσκέφθη τὸν πρωθυπουργὸν εἰς τὸ γραφεῖον του.

ΑΘΗΝΑΙ, 20. — Ὁ κ. Μαρκεζίνης ἐπεσκέφθη τὸν πρωθυπουργὸν εἰς τὸ γραφεῖον του.

ΑΝΑΚΟΙΝΩΣΙΣ ΤΗΣ ΕΔΑ

ΑΘΗΝΑΙ, 20. — Ἡ Ἐκτελεστικὴ Ἐπιτροπὴ τῆς ΕΔΑ ἐξέδωκεν ἀνακοίνωσιν.

ΑΘΗΝΑΙ, 20. — Ἡ Ἐκτελεστικὴ Ἐπιτροπὴ τῆς ΕΔΑ ἐξέδωκεν ἀνακοίνωσιν.

Κατόπιν καταστρωθέντος σχεδίου
ΚΑΤΕΛΑΒΕ ΤΗΝ ΝΕΑΡΑΝ ΣΥΖΥΓΟΝ ΤΟΥ ΕΠΙ ΤΗΣ ΣΥΖΥΓΙΚΗΣ ΤΩΝ ΚΛΙΝΗΣ ΜΟΙΧΕΥΟΜΕΝΗΝ ΜΕΤΑ ΤΟΥ ΦΙΛΟΥ ΤΗΣ
Διέδωσεν ὅτι θὰ ἀνεχώρει δι' ἐργασίαν ἀλλ' ἐκαραδόκει μετὰ τῶν ἀδελφῶν του
«ΣΥΝΔΕΣΜΟΝ» ΑΠΕΤΕΛΕΙ Η ΣΥΝΦΙΛΗ ΤΗΣ

ΣΕΡΡΑΙ, 20. — Ἀπαγγέλθη κατηγορία ἐναντίον τῆς νεαρᾶς συζύγου. Ἡ συνάδελφος ἐβοήθει τὸ ζεῦγος.

ΣΕΡΡΑΙ, 20. — Ἀπαγγέλθη κατηγορία ἐναντίον τῆς νεαρᾶς συζύγου. Ἡ συνάδελφος ἐβοήθει τὸ ζεῦγος.

ΣΕΡΡΑΙ, 20. — Ἀπαγγέλθη κατηγορία ἐναντίον τῆς νεαρᾶς συζύγου. Ἡ συνάδελφος ἐβοήθει τὸ ζεῦγος.

ΣΕΡΡΑΙ, 20. — Ἀπαγγέλθη κατηγορία ἐναντίον τῆς νεαρᾶς συζύγου. Ἡ συνάδελφος ἐβοήθει τὸ ζεῦγος.

ΣΕΡΡΑΙ, 20. — Ἀπαγγέλθη κατηγορία ἐναντίον τῆς νεαρᾶς συζύγου. Ἡ συνάδελφος ἐβοήθει τὸ ζεῦγος.

ΣΕΡΡΑΙ, 20. — Ἀπαγγέλθη κατηγορία ἐναντίον τῆς νεαρᾶς συζύγου. Ἡ συνάδελφος ἐβοήθει τὸ ζεῦγος.

ΟΙ Κ.Κ. ΠΑΠΑΝΔΡΕΟΥ ΚΑΙ ΣΟΦ. ΒΕΝΙΖΕΛΟΣ ΠΑΡΕΚΑΘΗΣΑΝ ΕΙΣ ΦΙΛΙΚΟΝ ΔΕΙΠΝΟΝ

ΑΘΗΝΑΙ, 20. — Ὁ ἀρχηγὸς τῆς Ἑνώσεως Κέντρου παρέθεσε δεῖπνον.

ΑΘΗΝΑΙ, 20. — Ὁ ἀρχηγὸς τῆς Ἑνώσεως Κέντρου παρέθεσε δεῖπνον.
